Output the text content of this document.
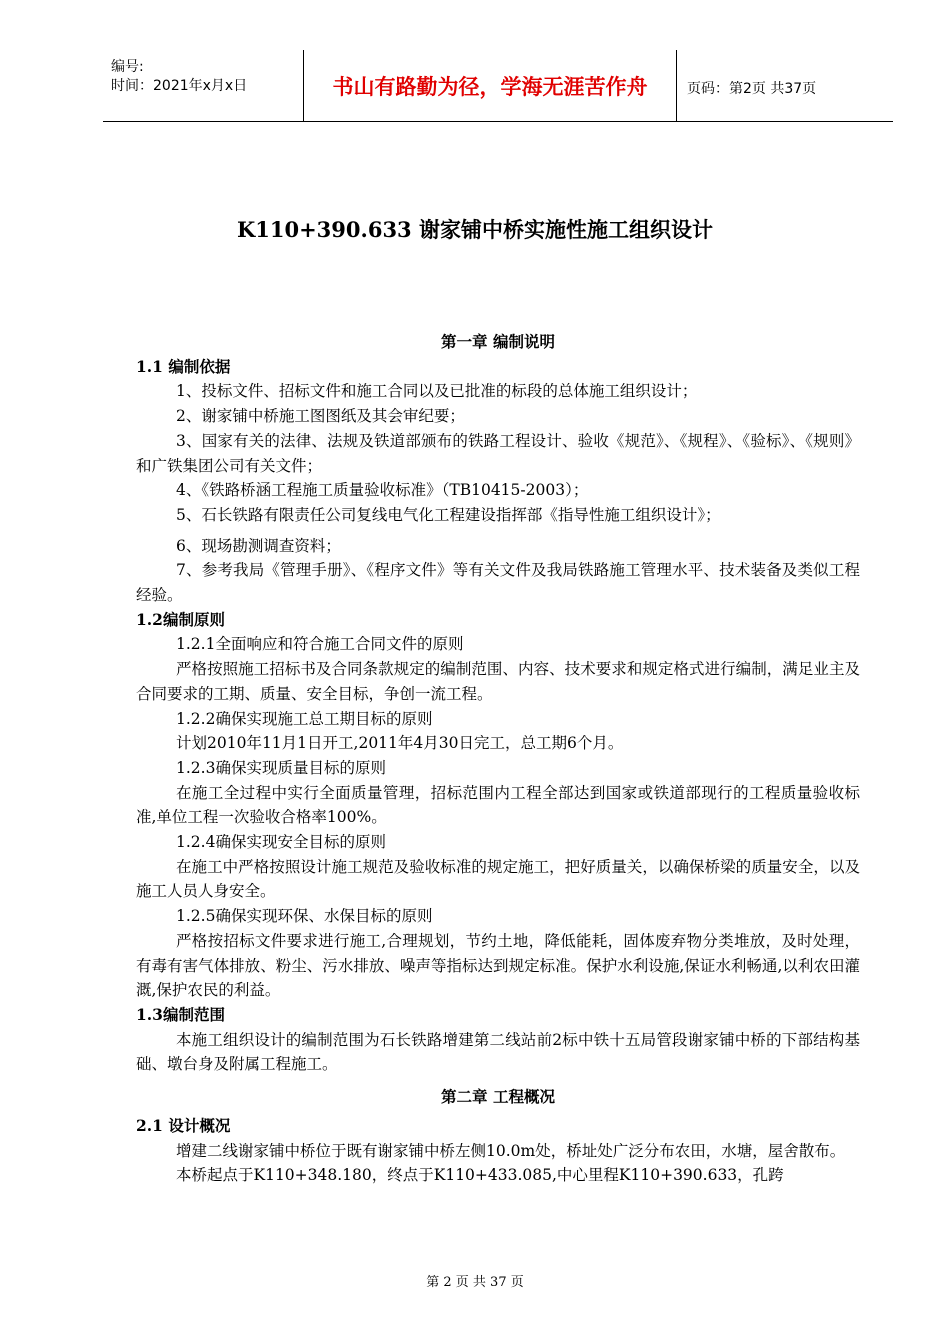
编号:
时间：2021年x月x日	书山有路勤为径，学海无涯苦作舟	页码：第2页 共37页
K110+390.633 谢家铺中桥实施性施工组织设计

第一章 编制说明

1.1 编制依据

1、投标文件、招标文件和施工合同以及已批准的标段的总体施工组织设计；

2、谢家铺中桥施工图图纸及其会审纪要；

3、国家有关的法律、法规及铁道部颁布的铁路工程设计、验收《规范》、《规程》、《验标》、《规则》和广铁集团公司有关文件；

4、《铁路桥涵工程施工质量验收标准》（TB10415-2003）；

5、石长铁路有限责任公司复线电气化工程建设指挥部《指导性施工组织设计》；

6、现场勘测调查资料；

7、参考我局《管理手册》、《程序文件》等有关文件及我局铁路施工管理水平、技术装备及类似工程经验。

1.2编制原则

1.2.1全面响应和符合施工合同文件的原则

严格按照施工招标书及合同条款规定的编制范围、内容、技术要求和规定格式进行编制，满足业主及合同要求的工期、质量、安全目标，争创一流工程。

1.2.2确保实现施工总工期目标的原则

计划2010年11月1日开工,2011年4月30日完工，总工期6个月。

1.2.3确保实现质量目标的原则

在施工全过程中实行全面质量管理，招标范围内工程全部达到国家或铁道部现行的工程质量验收标准,单位工程一次验收合格率100%。

1.2.4确保实现安全目标的原则

在施工中严格按照设计施工规范及验收标准的规定施工，把好质量关，以确保桥梁的质量安全，以及施工人员人身安全。

1.2.5确保实现环保、水保目标的原则

严格按招标文件要求进行施工,合理规划，节约土地，降低能耗，固体废弃物分类堆放，及时处理，有毒有害气体排放、粉尘、污水排放、噪声等指标达到规定标准。保护水利设施,保证水利畅通,以利农田灌溉,保护农民的利益。

1.3编制范围

本施工组织设计的编制范围为石长铁路增建第二线站前2标中铁十五局管段谢家铺中桥的下部结构基础、墩台身及附属工程施工。

第二章 工程概况

2.1 设计概况

增建二线谢家铺中桥位于既有谢家铺中桥左侧10.0m处，桥址处广泛分布农田，水塘，屋舍散布。

本桥起点于K110+348.180，终点于K110+433.085,中心里程K110+390.633，孔跨

第 2 页 共 37 页
